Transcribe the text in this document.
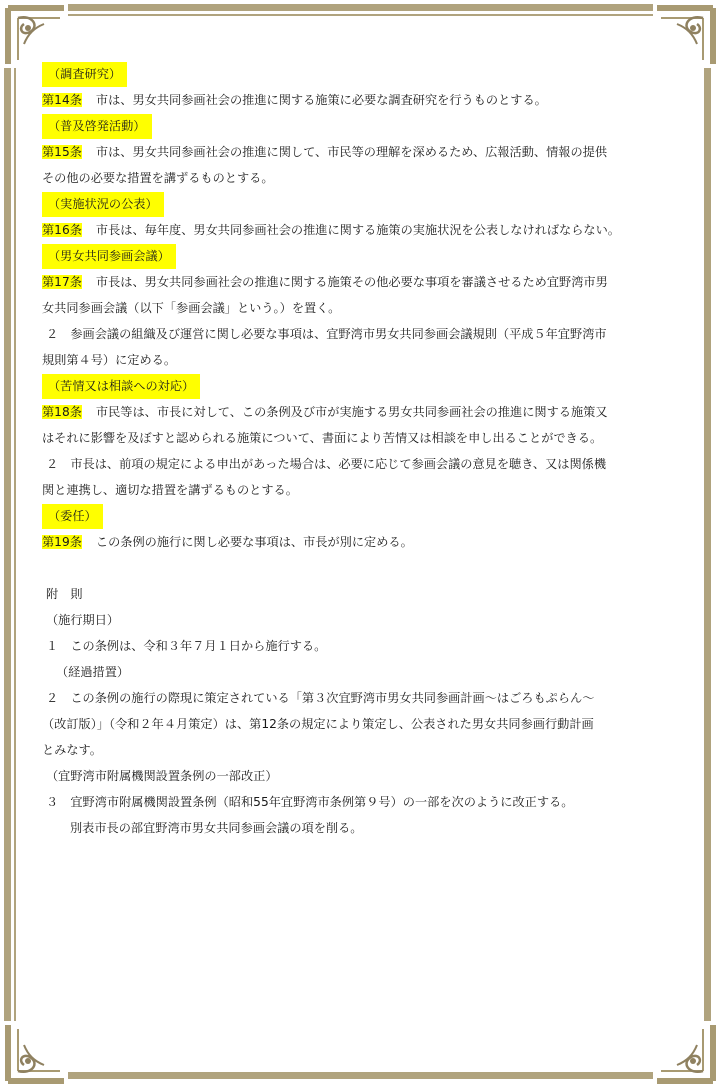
（調査研究）
第14条 市は、男女共同参画社会の推進に関する施策に必要な調査研究を行うものとする。
（普及啓発活動）
第15条 市は、男女共同参画社会の推進に関して、市民等の理解を深めるため、広報活動、情報の提供
その他の必要な措置を講ずるものとする。
（実施状況の公表）
第16条 市長は、毎年度、男女共同参画社会の推進に関する施策の実施状況を公表しなければならない。
（男女共同参画会議）
第17条 市長は、男女共同参画社会の推進に関する施策その他必要な事項を審議させるため宜野湾市男
女共同参画会議（以下「参画会議」という。）を置く。
２　参画会議の組織及び運営に関し必要な事項は、宜野湾市男女共同参画会議規則（平成５年宜野湾市
規則第４号）に定める。
（苦情又は相談への対応）
第18条 市民等は、市長に対して、この条例及び市が実施する男女共同参画社会の推進に関する施策又
はそれに影響を及ぼすと認められる施策について、書面により苦情又は相談を申し出ることができる。
２　市長は、前項の規定による申出があった場合は、必要に応じて参画会議の意見を聴き、又は関係機
関と連携し、適切な措置を講ずるものとする。
（委任）
第19条 この条例の施行に関し必要な事項は、市長が別に定める。
附　則
（施行期日）
１　この条例は、令和３年７月１日から施行する。
（経過措置）
２　この条例の施行の際現に策定されている「第３次宜野湾市男女共同参画計画～はごろもぷらん～
（改訂版）」（令和２年４月策定）は、第12条の規定により策定し、公表された男女共同参画行動計画
とみなす。
（宜野湾市附属機関設置条例の一部改正）
３　宜野湾市附属機関設置条例（昭和55年宜野湾市条例第９号）の一部を次のように改正する。
別表市長の部宜野湾市男女共同参画会議の項を削る。
